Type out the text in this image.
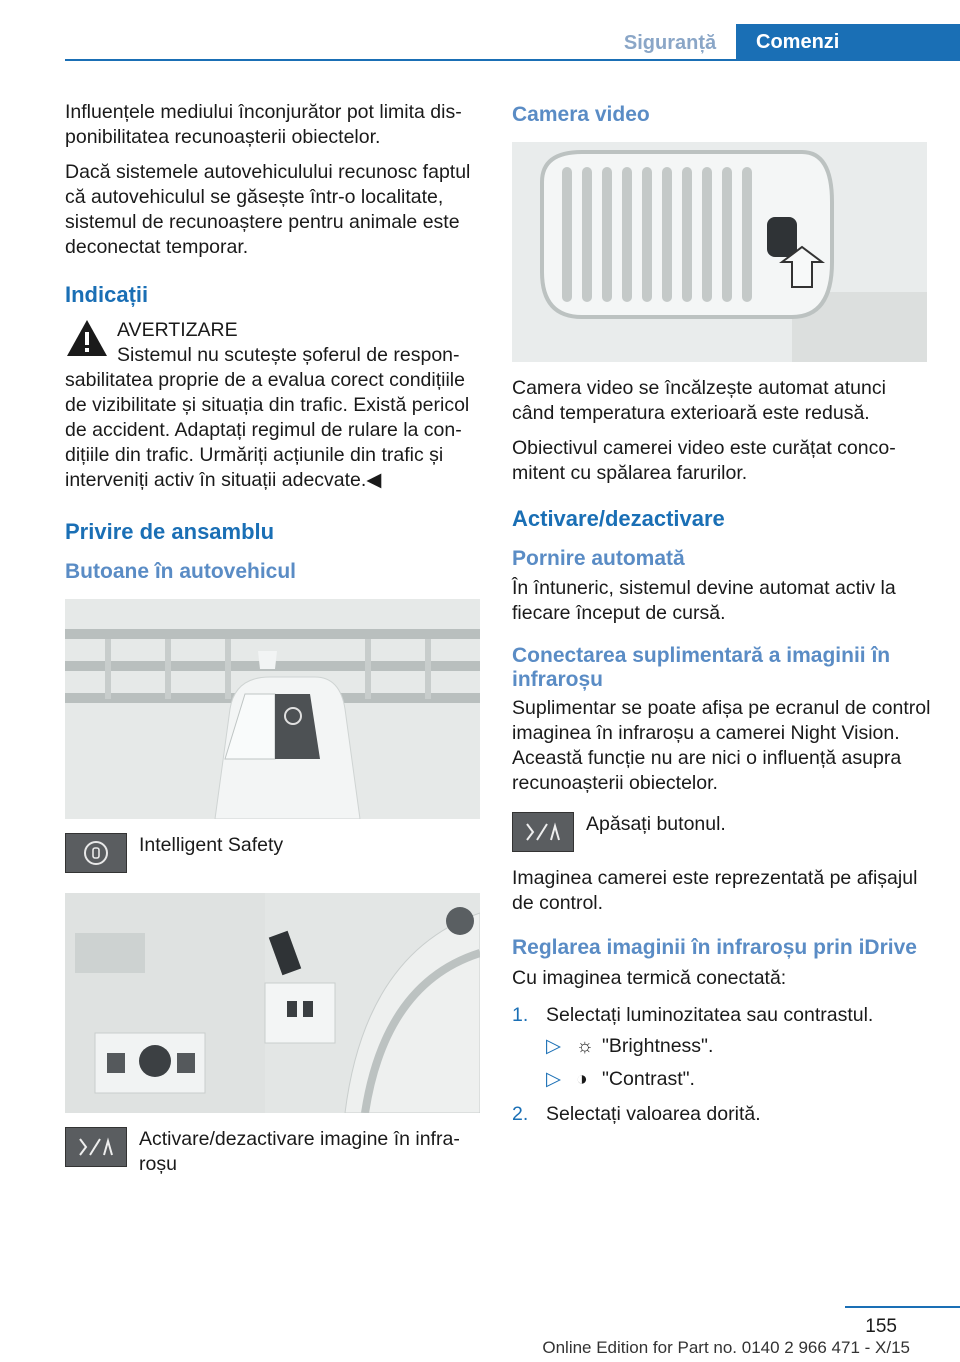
Siguranță	Comenzi

Influențele mediului înconjurător pot limita disponibilitatea recunoașterii obiectelor.

Dacă sistemele autovehiculului recunosc faptul că autovehiculul se găsește într-o localitate, sistemul de recunoaștere pentru animale este deconectat temporar.

Indicații
AVERTIZARE
Sistemul nu scutește șoferul de responsabilitatea proprie de a evalua corect condițiile de vizibilitate și situația din trafic. Există pericol de accident. Adaptați regimul de rulare la condițiile din trafic. Urmăriți acțiunile din trafic și interveniți activ în situații adecvate.◀
Privire de ansamblu
Butoane în autovehicul
Intelligent Safety
Activare/dezactivare imagine în infraroșu
Camera video

Camera video se încălzește automat atunci când temperatura exterioară este redusă.

Obiectivul camerei video este curățat concomitent cu spălarea farurilor.

Activare/dezactivare
Pornire automată

În întuneric, sistemul devine automat activ la fiecare început de cursă.

Conectarea suplimentară a imaginii în infraroșu

Suplimentar se poate afișa pe ecranul de control imaginea în infraroșu a camerei Night Vision. Această funcție nu are nici o influență asupra recunoașterii obiectelor.

Apăsați butonul.

Imaginea camerei este reprezentată pe afișajul de control.

Reglarea imaginii în infraroșu prin iDrive

Cu imaginea termică conectată:

1. Selectați luminozitatea sau contrastul.
▷ ☼ "Brightness".
▷ ◑ "Contrast".
2. Selectați valoarea dorită.
155
Online Edition for Part no. 0140 2 966 471 - X/15
